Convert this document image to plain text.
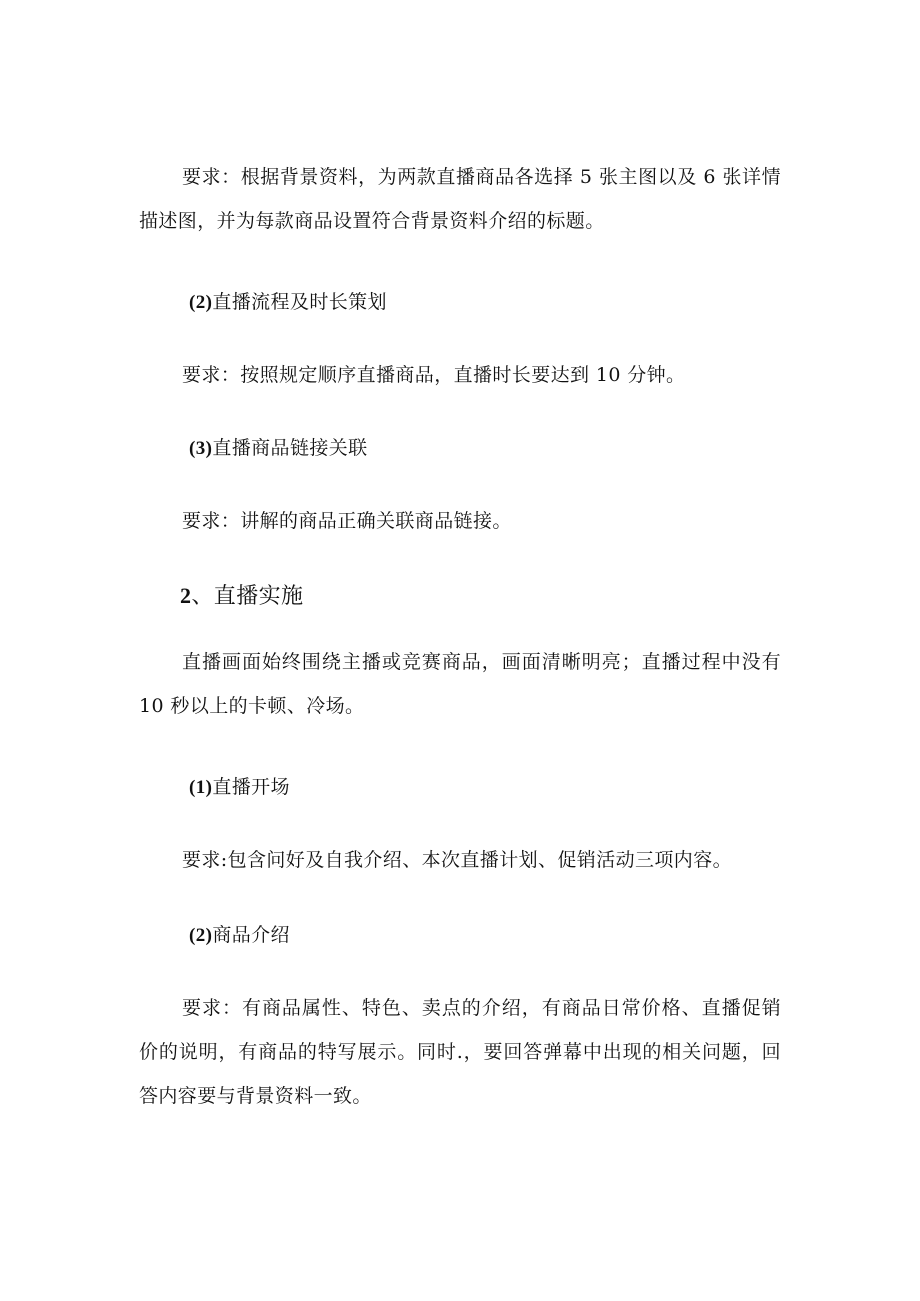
要求：根据背景资料，为两款直播商品各选择 5 张主图以及 6 张详情描述图，并为每款商品设置符合背景资料介绍的标题。

(2)直播流程及时长策划

要求：按照规定顺序直播商品，直播时长要达到 10 分钟。

(3)直播商品链接关联

要求：讲解的商品正确关联商品链接。

2、直播实施

直播画面始终围绕主播或竞赛商品，画面清晰明亮；直播过程中没有 10 秒以上的卡顿、冷场。

(1)直播开场

要求:包含问好及自我介绍、本次直播计划、促销活动三项内容。

(2)商品介绍

要求：有商品属性、特色、卖点的介绍，有商品日常价格、直播促销价的说明，有商品的特写展示。同时.，要回答弹幕中出现的相关问题，回答内容要与背景资料一致。
